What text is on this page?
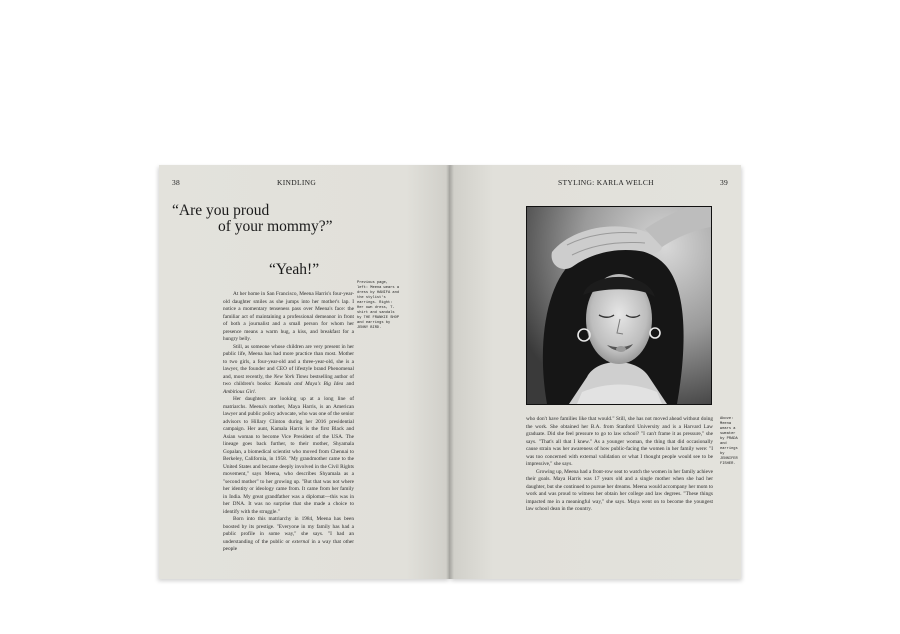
38	KINDLING
“Are you proud
of your mommy?”
“Yeah!”
Previous page, left: Meena wears a dress by HANIFA and the stylist's earrings. Right: Her own dress, T-shirt and sandals by THE FRANKIE SHOP and earrings by JENNY BIRD.

At her home in San Francisco, Meena Harris's four-year-old daughter smiles as she jumps into her mother's lap. I notice a momentary tenseness pass over Meena's face: the familiar act of maintaining a professional demeanor in front of both a journalist and a small person for whom her presence means a warm hug, a kiss, and breakfast for a hungry belly.

Still, as someone whose children are very present in her public life, Meena has had more practice than most. Mother to two girls, a four-year-old and a three-year-old, she is a lawyer, the founder and CEO of lifestyle brand Phenomenal and, most recently, the New York Times bestselling author of two children's books: Kamala and Maya's Big Idea and Ambitious Girl.

Her daughters are looking up at a long line of matriarchs. Meena's mother, Maya Harris, is an American lawyer and public policy advocate, who was one of the senior advisors to Hillary Clinton during her 2016 presidential campaign. Her aunt, Kamala Harris is the first Black and Asian woman to become Vice President of the USA. The lineage goes back further, to their mother, Shyamala Gopalan, a biomedical scientist who moved from Chennai to Berkeley, California, in 1958. "My grandmother came to the United States and became deeply involved in the Civil Rights movement," says Meena, who describes Shyamala as a "second mother" to her growing up. "But that was not where her identity or ideology came from. It came from her family in India. My great grandfather was a diplomat—this was in her DNA. It was no surprise that she made a choice to identify with the struggle."

Born into this matriarchy in 1984, Meena has been boosted by its prestige. "Everyone in my family has had a public profile in some way," she says. "I had an understanding of the public or external in a way that other people

STYLING: KARLA WELCH	39
Above: Meena wears a sweater by PRADA and earrings by JENNIFER FISHER.

who don't have families like that would." Still, she has not moved ahead without doing the work. She obtained her B.A. from Stanford University and is a Harvard Law graduate. Did she feel pressure to go to law school? "I can't frame it as pressure," she says. "That's all that I knew." As a younger woman, the thing that did occasionally cause strain was her awareness of how public-facing the women in her family were: "I was too concerned with external validation or what I thought people would see to be impressive," she says.

Growing up, Meena had a front-row seat to watch the women in her family achieve their goals. Maya Harris was 17 years old and a single mother when she had her daughter, but she continued to pursue her dreams. Meena would accompany her mom to work and was proud to witness her obtain her college and law degrees. "These things impacted me in a meaningful way," she says. Maya went on to become the youngest law school dean in the country.
